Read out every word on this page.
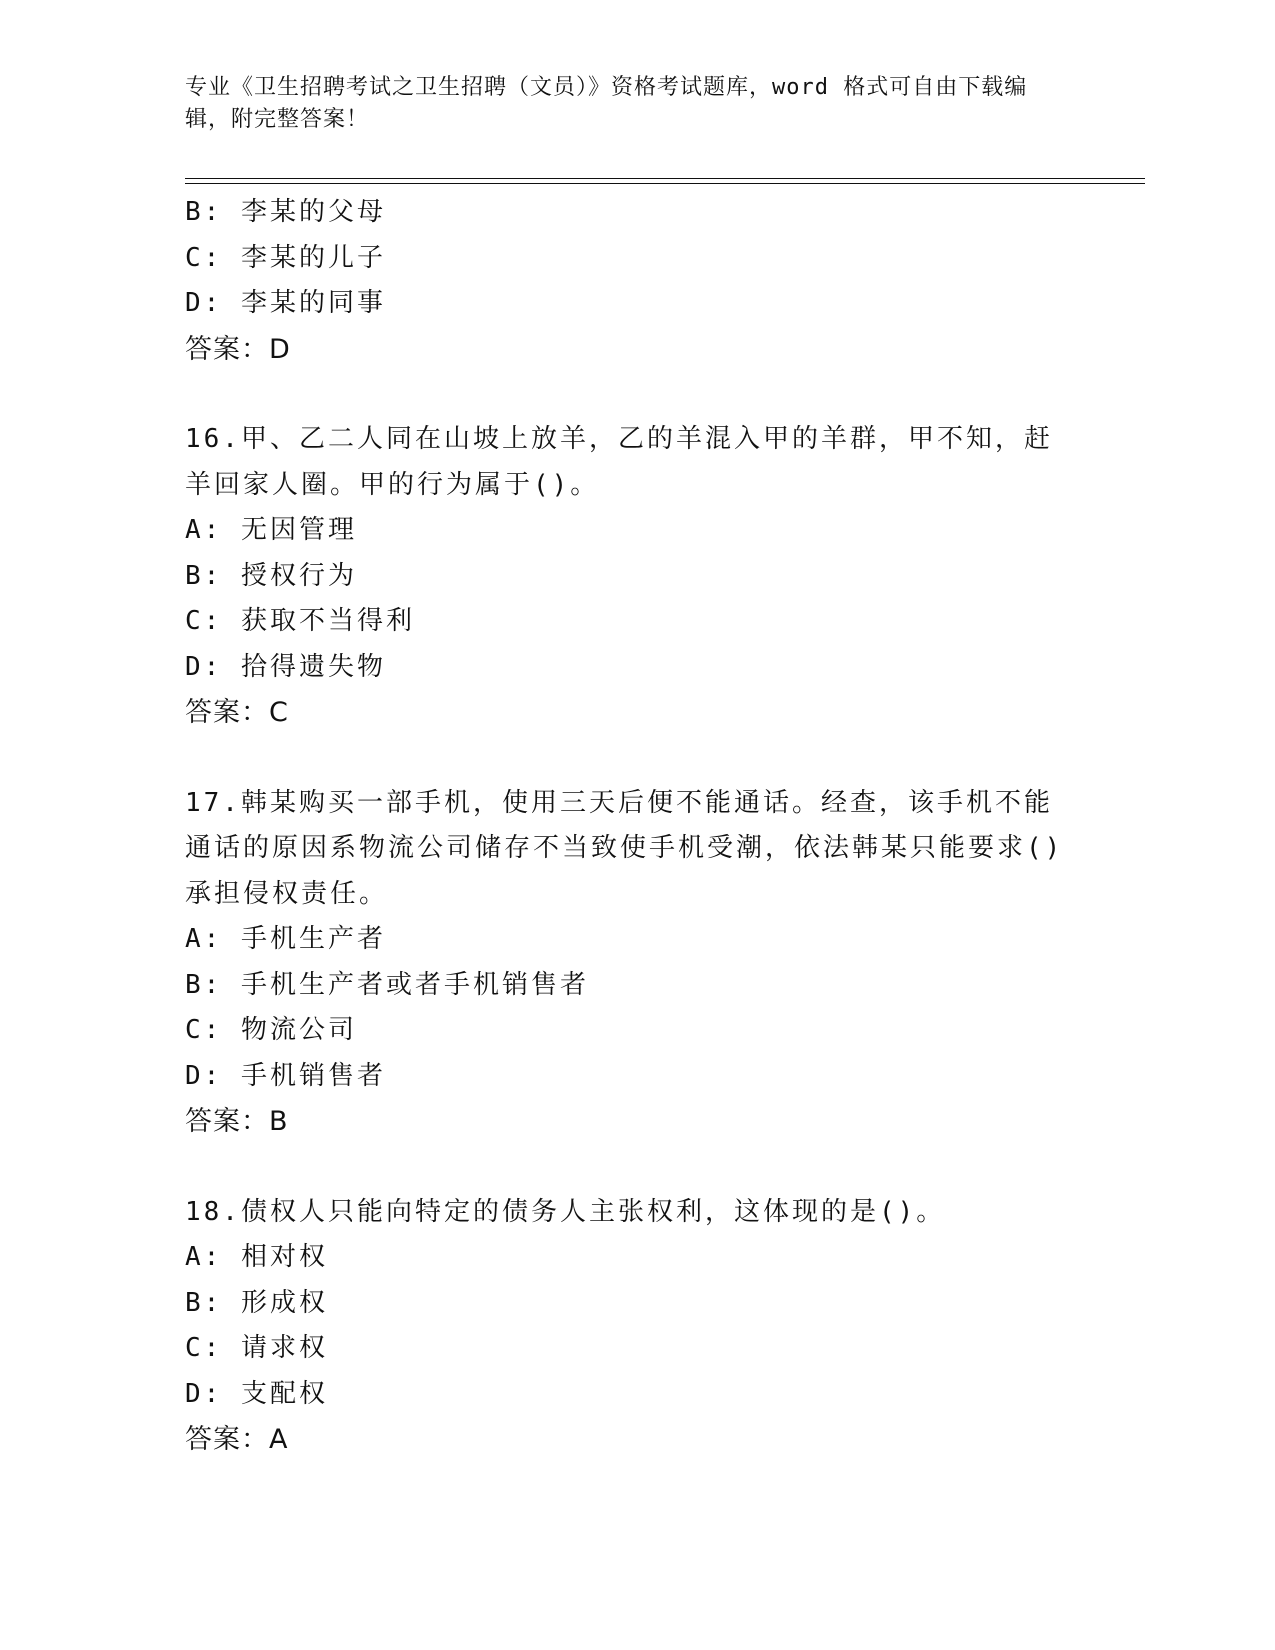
专业《卫生招聘考试之卫生招聘（文员）》资格考试题库，word 格式可自由下载编辑，附完整答案！
B: 李某的父母
C: 李某的儿子
D: 李某的同事
答案：D
16.甲、乙二人同在山坡上放羊，乙的羊混入甲的羊群，甲不知，赶羊回家人圈。甲的行为属于()。
A: 无因管理
B: 授权行为
C: 获取不当得利
D: 拾得遗失物
答案：C
17.韩某购买一部手机，使用三天后便不能通话。经查，该手机不能通话的原因系物流公司储存不当致使手机受潮，依法韩某只能要求()承担侵权责任。
A: 手机生产者
B: 手机生产者或者手机销售者
C: 物流公司
D: 手机销售者
答案：B
18.债权人只能向特定的债务人主张权利，这体现的是()。
A: 相对权
B: 形成权
C: 请求权
D: 支配权
答案：A
